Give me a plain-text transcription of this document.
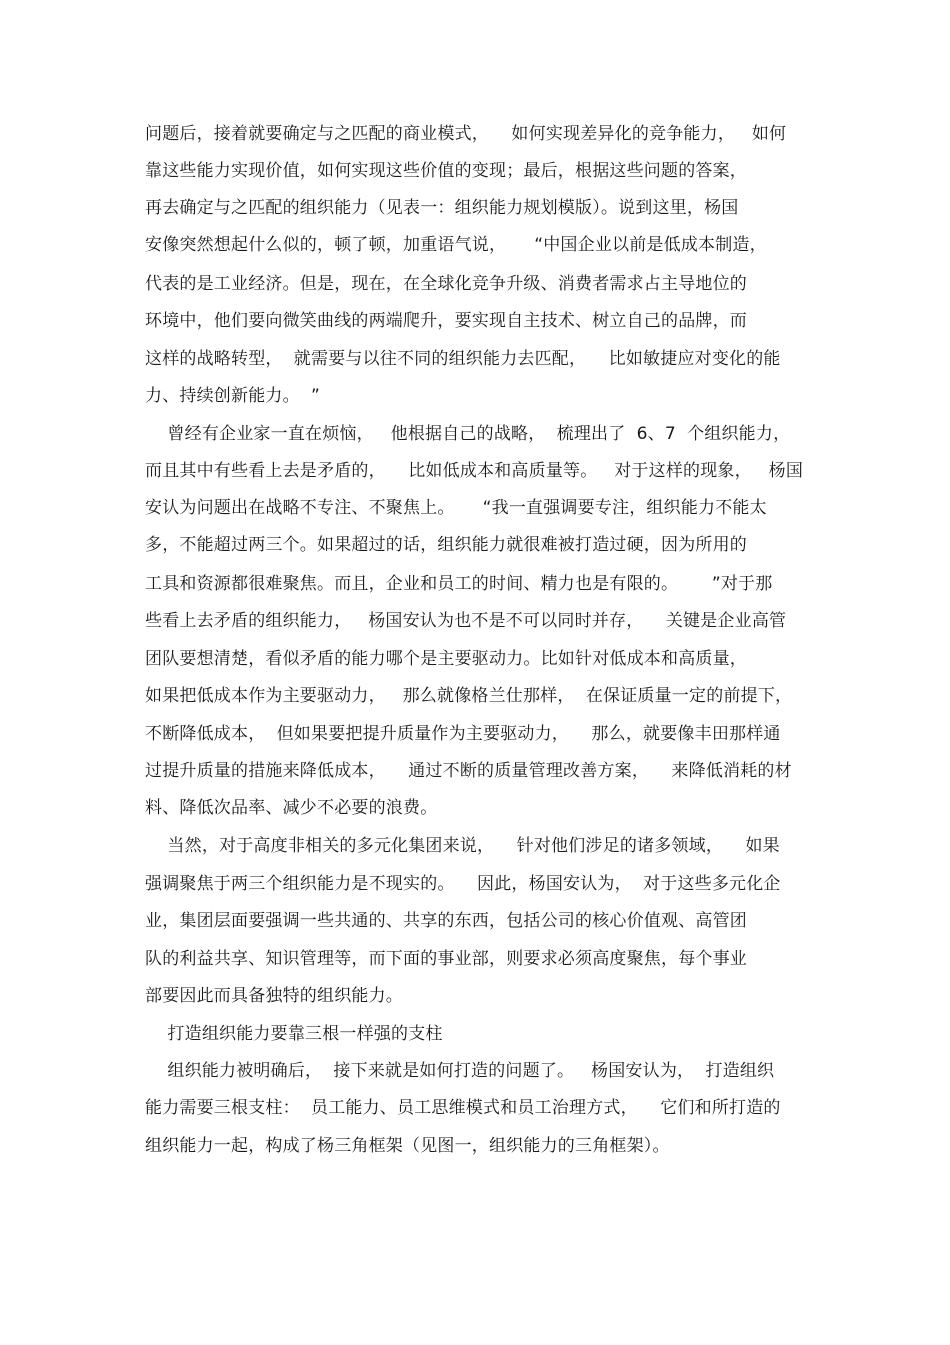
问题后，接着就要确定与之匹配的商业模式，    如何实现差异化的竞争能力，   如何
靠这些能力实现价值，如何实现这些价值的变现；最后，根据这些问题的答案，
再去确定与之匹配的组织能力（见表一：组织能力规划模版）。说到这里，杨国
安像突然想起什么似的，顿了顿，加重语气说，     “中国企业以前是低成本制造，
代表的是工业经济。但是，现在，在全球化竞争升级、消费者需求占主导地位的
环境中，他们要向微笑曲线的两端爬升，要实现自主技术、树立自己的品牌，而
这样的战略转型，  就需要与以往不同的组织能力去匹配，    比如敏捷应对变化的能
力、持续创新能力。  ”
曾经有企业家一直在烦恼，   他根据自己的战略，  梳理出了  6、7  个组织能力，
而且其中有些看上去是矛盾的，    比如低成本和高质量等。   对于这样的现象，   杨国
安认为问题出在战略不专注、不聚焦上。     “我一直强调要专注，组织能力不能太
多，不能超过两三个。如果超过的话，组织能力就很难被打造过硬，因为所用的
工具和资源都很难聚焦。而且，企业和员工的时间、精力也是有限的。      ”对于那
些看上去矛盾的组织能力，   杨国安认为也不是不可以同时并存，    关键是企业高管
团队要想清楚，看似矛盾的能力哪个是主要驱动力。比如针对低成本和高质量，
如果把低成本作为主要驱动力，   那么就像格兰仕那样，  在保证质量一定的前提下，
不断降低成本，  但如果要把提升质量作为主要驱动力，    那么，就要像丰田那样通
过提升质量的措施来降低成本，    通过不断的质量管理改善方案，    来降低消耗的材
料、降低次品率、减少不必要的浪费。
当然，对于高度非相关的多元化集团来说，    针对他们涉足的诸多领域，    如果
强调聚焦于两三个组织能力是不现实的。    因此，杨国安认为，  对于这些多元化企
业，集团层面要强调一些共通的、共享的东西，包括公司的核心价值观、高管团
队的利益共享、知识管理等，而下面的事业部，则要求必须高度聚焦，每个事业
部要因此而具备独特的组织能力。
打造组织能力要靠三根一样强的支柱
组织能力被明确后，  接下来就是如何打造的问题了。   杨国安认为，  打造组织
能力需要三根支柱：  员工能力、员工思维模式和员工治理方式，    它们和所打造的
组织能力一起，构成了杨三角框架（见图一，组织能力的三角框架）。
